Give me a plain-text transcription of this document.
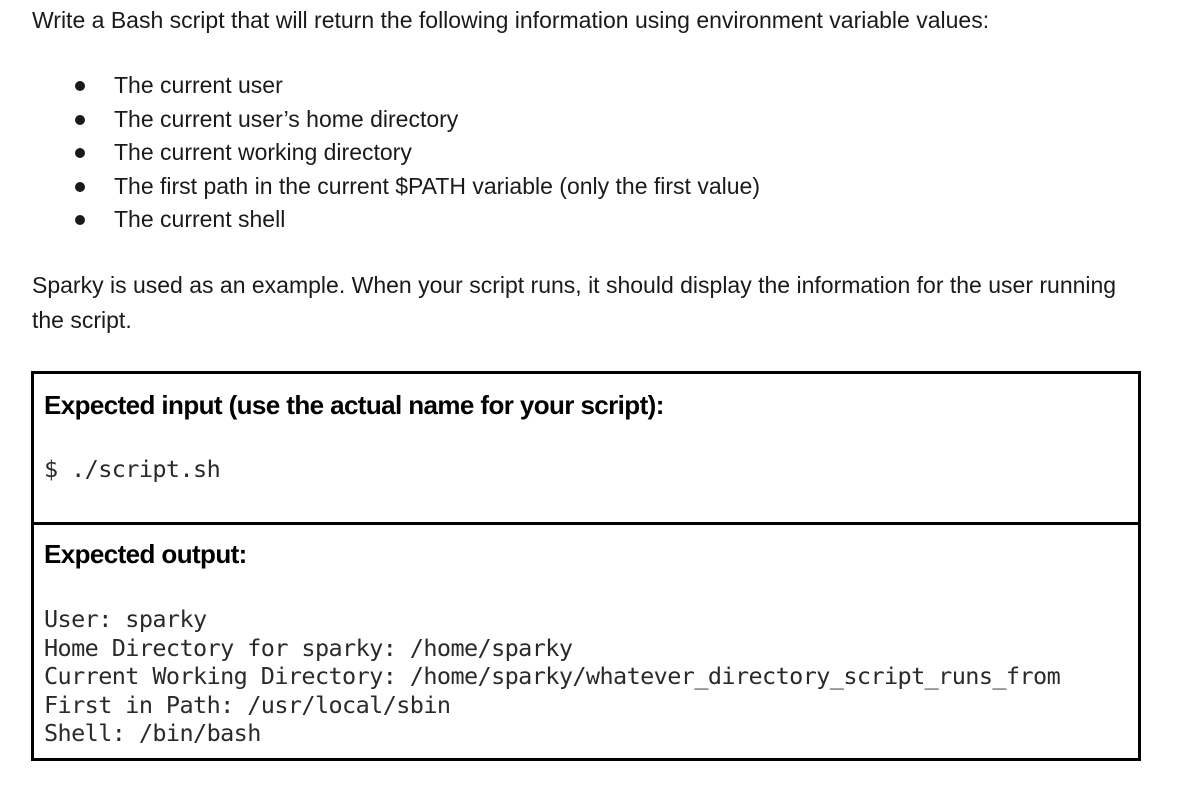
Write a Bash script that will return the following information using environment variable values:

The current user
The current user’s home directory
The current working directory
The first path in the current $PATH variable (only the first value)
The current shell

Sparky is used as an example. When your script runs, it should display the information for the user running the script.

Expected input (use the actual name for your script):
$ ./script.sh
Expected output:
User: sparky
Home Directory for sparky: /home/sparky
Current Working Directory: /home/sparky/whatever_directory_script_runs_from
First in Path: /usr/local/sbin
Shell: /bin/bash
